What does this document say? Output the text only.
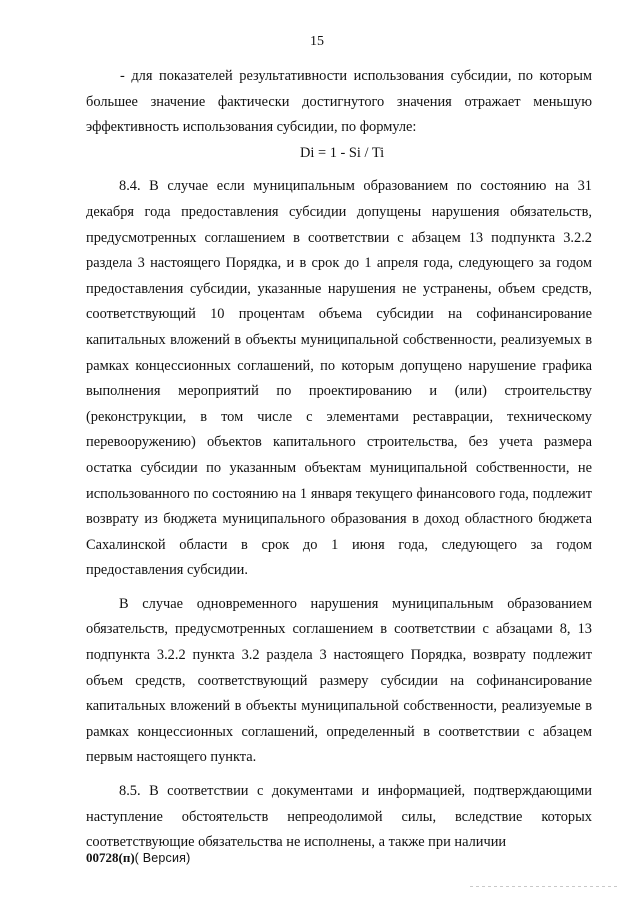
15

- для показателей результативности использования субсидии, по которым большее значение фактически достигнутого значения отражает меньшую эффективность использования субсидии, по формуле:

Di = 1 - Si / Ti

8.4. В случае если муниципальным образованием по состоянию на 31 декабря года предоставления субсидии допущены нарушения обязательств, предусмотренных соглашением в соответствии с абзацем 13 подпункта 3.2.2 раздела 3 настоящего Порядка, и в срок до 1 апреля года, следующего за годом предоставления субсидии, указанные нарушения не устранены, объем средств, соответствующий 10 процентам объема субсидии на софинансирование капитальных вложений в объекты муниципальной собственности, реализуемых в рамках концессионных соглашений, по которым допущено нарушение графика выполнения мероприятий по проектированию и (или) строительству (реконструкции, в том числе с элементами реставрации, техническому перевооружению) объектов капитального строительства, без учета размера остатка субсидии по указанным объектам муниципальной собственности, не использованного по состоянию на 1 января текущего финансового года, подлежит возврату из бюджета муниципального образования в доход областного бюджета Сахалинской области в срок до 1 июня года, следующего за годом предоставления субсидии.

В случае одновременного нарушения муниципальным образованием обязательств, предусмотренных соглашением в соответствии с абзацами 8, 13 подпункта 3.2.2 пункта 3.2 раздела 3 настоящего Порядка, возврату подлежит объем средств, соответствующий размеру субсидии на софинансирование капитальных вложений в объекты муниципальной собственности, реализуемые в рамках концессионных соглашений, определенный в соответствии с абзацем первым настоящего пункта.

8.5. В соответствии с документами и информацией, подтверждающими наступление обстоятельств непреодолимой силы, вследствие которых соответствующие обязательства не исполнены, а также при наличии

00728(п)( Версия)
